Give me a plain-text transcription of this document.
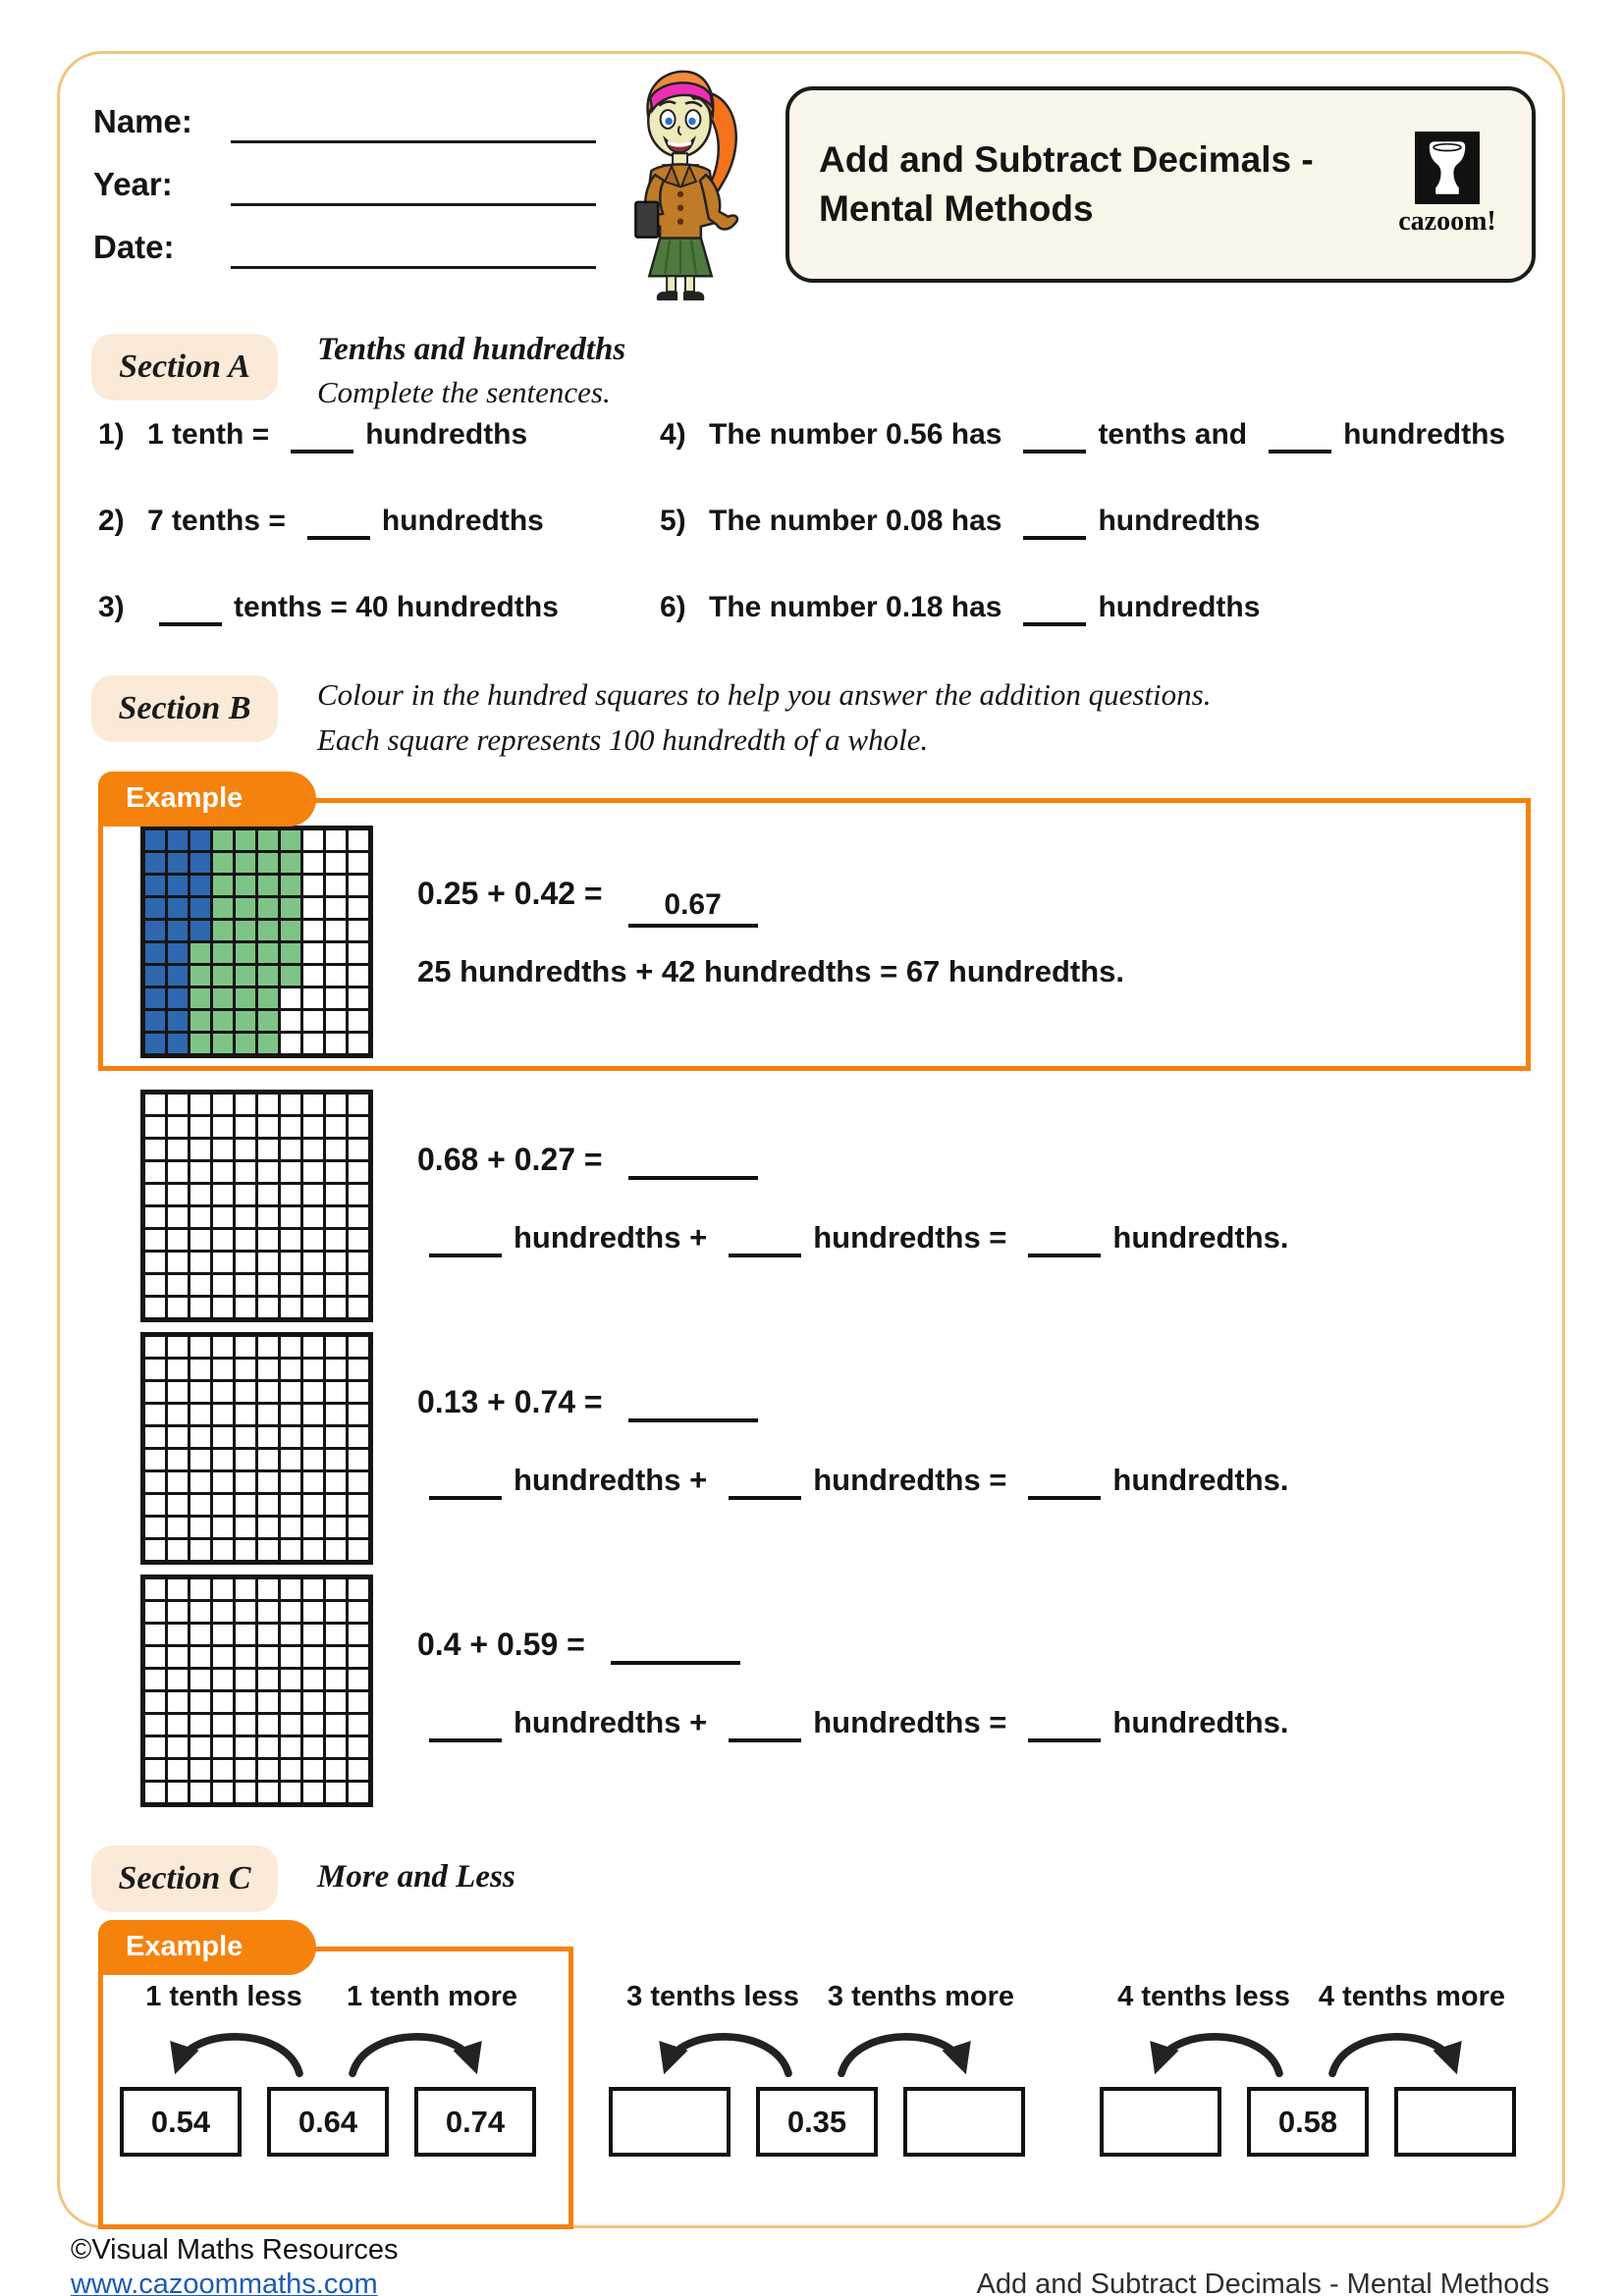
Name:
Year:
Date:
Add and Subtract Decimals -
Mental Methods	cazoom!
Section A	Tenths and hundredths
Complete the sentences.
1) 1 tenth =	hundredths
2) 7 tenths =	hundredths
3)	tenths = 40 hundredths
4) The number 0.56 has	tenths and	hundredths
5) The number 0.08 has	hundredths
6) The number 0.18 has	hundredths
Section B	Colour in the hundred squares to help you answer the addition questions.
Each square represents 100 hundredth of a whole.
Example
0.25 + 0.42 = 0.67
25 hundredths + 42 hundredths = 67 hundredths.
0.68 + 0.27 =
hundredths +	hundredths =	hundredths.
0.13 + 0.74 =
hundredths +	hundredths =	hundredths.
0.4 + 0.59 =
hundredths +	hundredths =	hundredths.
Section C	More and Less
Example
1 tenth less	1 tenth more
0.54	0.64	0.74
3 tenths less	3 tenths more
0.35
4 tenths less	4 tenths more
0.58
©Visual Maths Resources
www.cazoommaths.com	Add and Subtract Decimals - Mental Methods
